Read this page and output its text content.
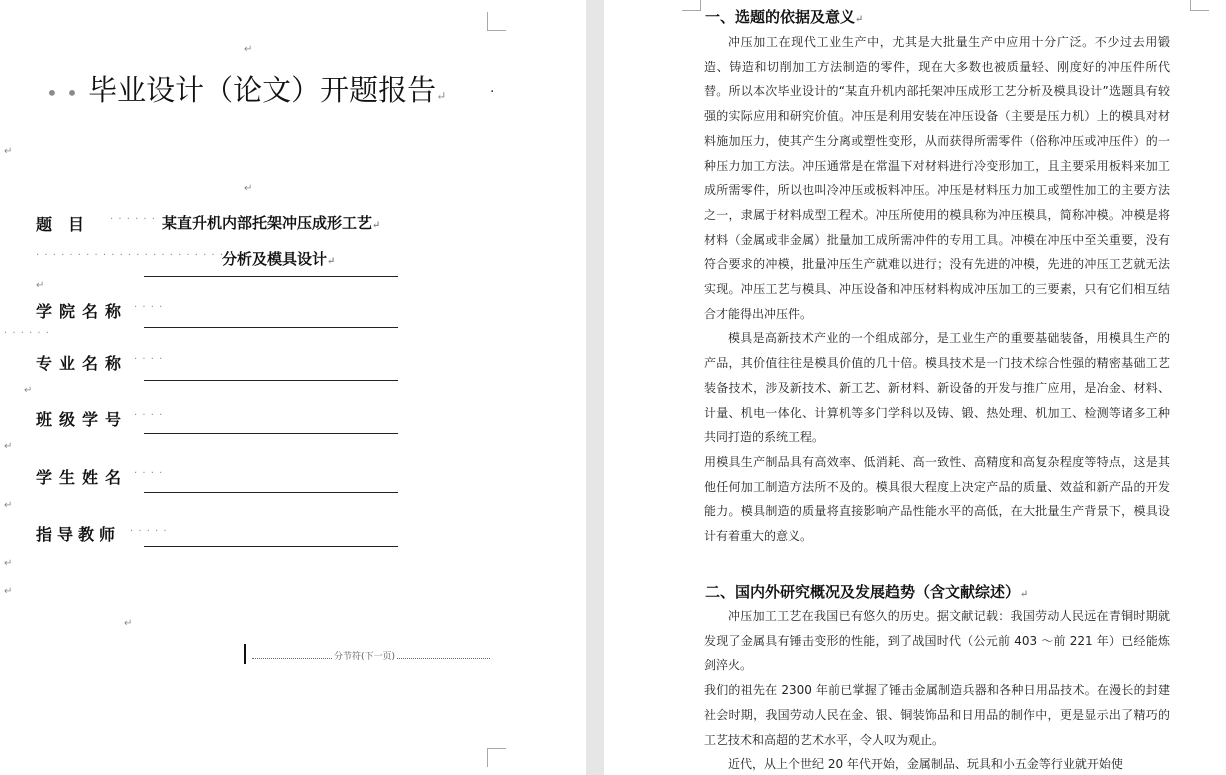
↵
• • 毕业设计（论文）开题报告↵	·
↵
↵
题　目	· · · · · · 某直升机内部托架冲压成形工艺↵
· · · · · · · · · · · · · · · · · · · · · · · · · ·
分析及模具设计↵
↵
学院名称 · · · ·
· · · · · ·
专业名称 · · · ·
↵
班级学号 · · · ·
↵
学生姓名 · · · ·
↵
指导教师 · · · · ·
↵
↵
↵
分节符(下一页)
一、选题的依据及意义↵

冲压加工在现代工业生产中，尤其是大批量生产中应用十分广泛。不少过去用锻造、铸造和切削加工方法制造的零件，现在大多数也被质量轻、刚度好的冲压件所代替。所以本次毕业设计的“某直升机内部托架冲压成形工艺分析及模具设计”选题具有较强的实际应用和研究价值。冲压是利用安装在冲压设备（主要是压力机）上的模具对材料施加压力，使其产生分离或塑性变形，从而获得所需零件（俗称冲压或冲压件）的一种压力加工方法。冲压通常是在常温下对材料进行冷变形加工，且主要采用板料来加工成所需零件，所以也叫冷冲压或板料冲压。冲压是材料压力加工或塑性加工的主要方法之一，隶属于材料成型工程术。冲压所使用的模具称为冲压模具，简称冲模。冲模是将材料（金属或非金属）批量加工成所需冲件的专用工具。冲模在冲压中至关重要，没有符合要求的冲模，批量冲压生产就难以进行；没有先进的冲模，先进的冲压工艺就无法实现。冲压工艺与模具、冲压设备和冲压材料构成冲压加工的三要素，只有它们相互结合才能得出冲压件。

模具是高新技术产业的一个组成部分，是工业生产的重要基础装备，用模具生产的产品，其价值往往是模具价值的几十倍。模具技术是一门技术综合性强的精密基础工艺装备技术，涉及新技术、新工艺、新材料、新设备的开发与推广应用，是冶金、材料、计量、机电一体化、计算机等多门学科以及铸、锻、热处理、机加工、检测等诸多工种共同打造的系统工程。

用模具生产制品具有高效率、低消耗、高一致性、高精度和高复杂程度等特点，这是其他任何加工制造方法所不及的。模具很大程度上决定产品的质量、效益和新产品的开发能力。模具制造的质量将直接影响产品性能水平的高低，在大批量生产背景下，模具设计有着重大的意义。

二、国内外研究概况及发展趋势（含文献综述）↵

冲压加工工艺在我国已有悠久的历史。据文献记载：我国劳动人民远在青铜时期就发现了金属具有锤击变形的性能，到了战国时代（公元前 403 ～前 221 年）已经能炼剑淬火。

我们的祖先在 2300 年前已掌握了锤击金属制造兵器和各种日用品技术。在漫长的封建社会时期，我国劳动人民在金、银、铜装饰品和日用品的制作中，更是显示出了精巧的工艺技术和高超的艺术水平，令人叹为观止。

近代，从上个世纪 20 年代开始，金属制品、玩具和小五金等行业就开始使
